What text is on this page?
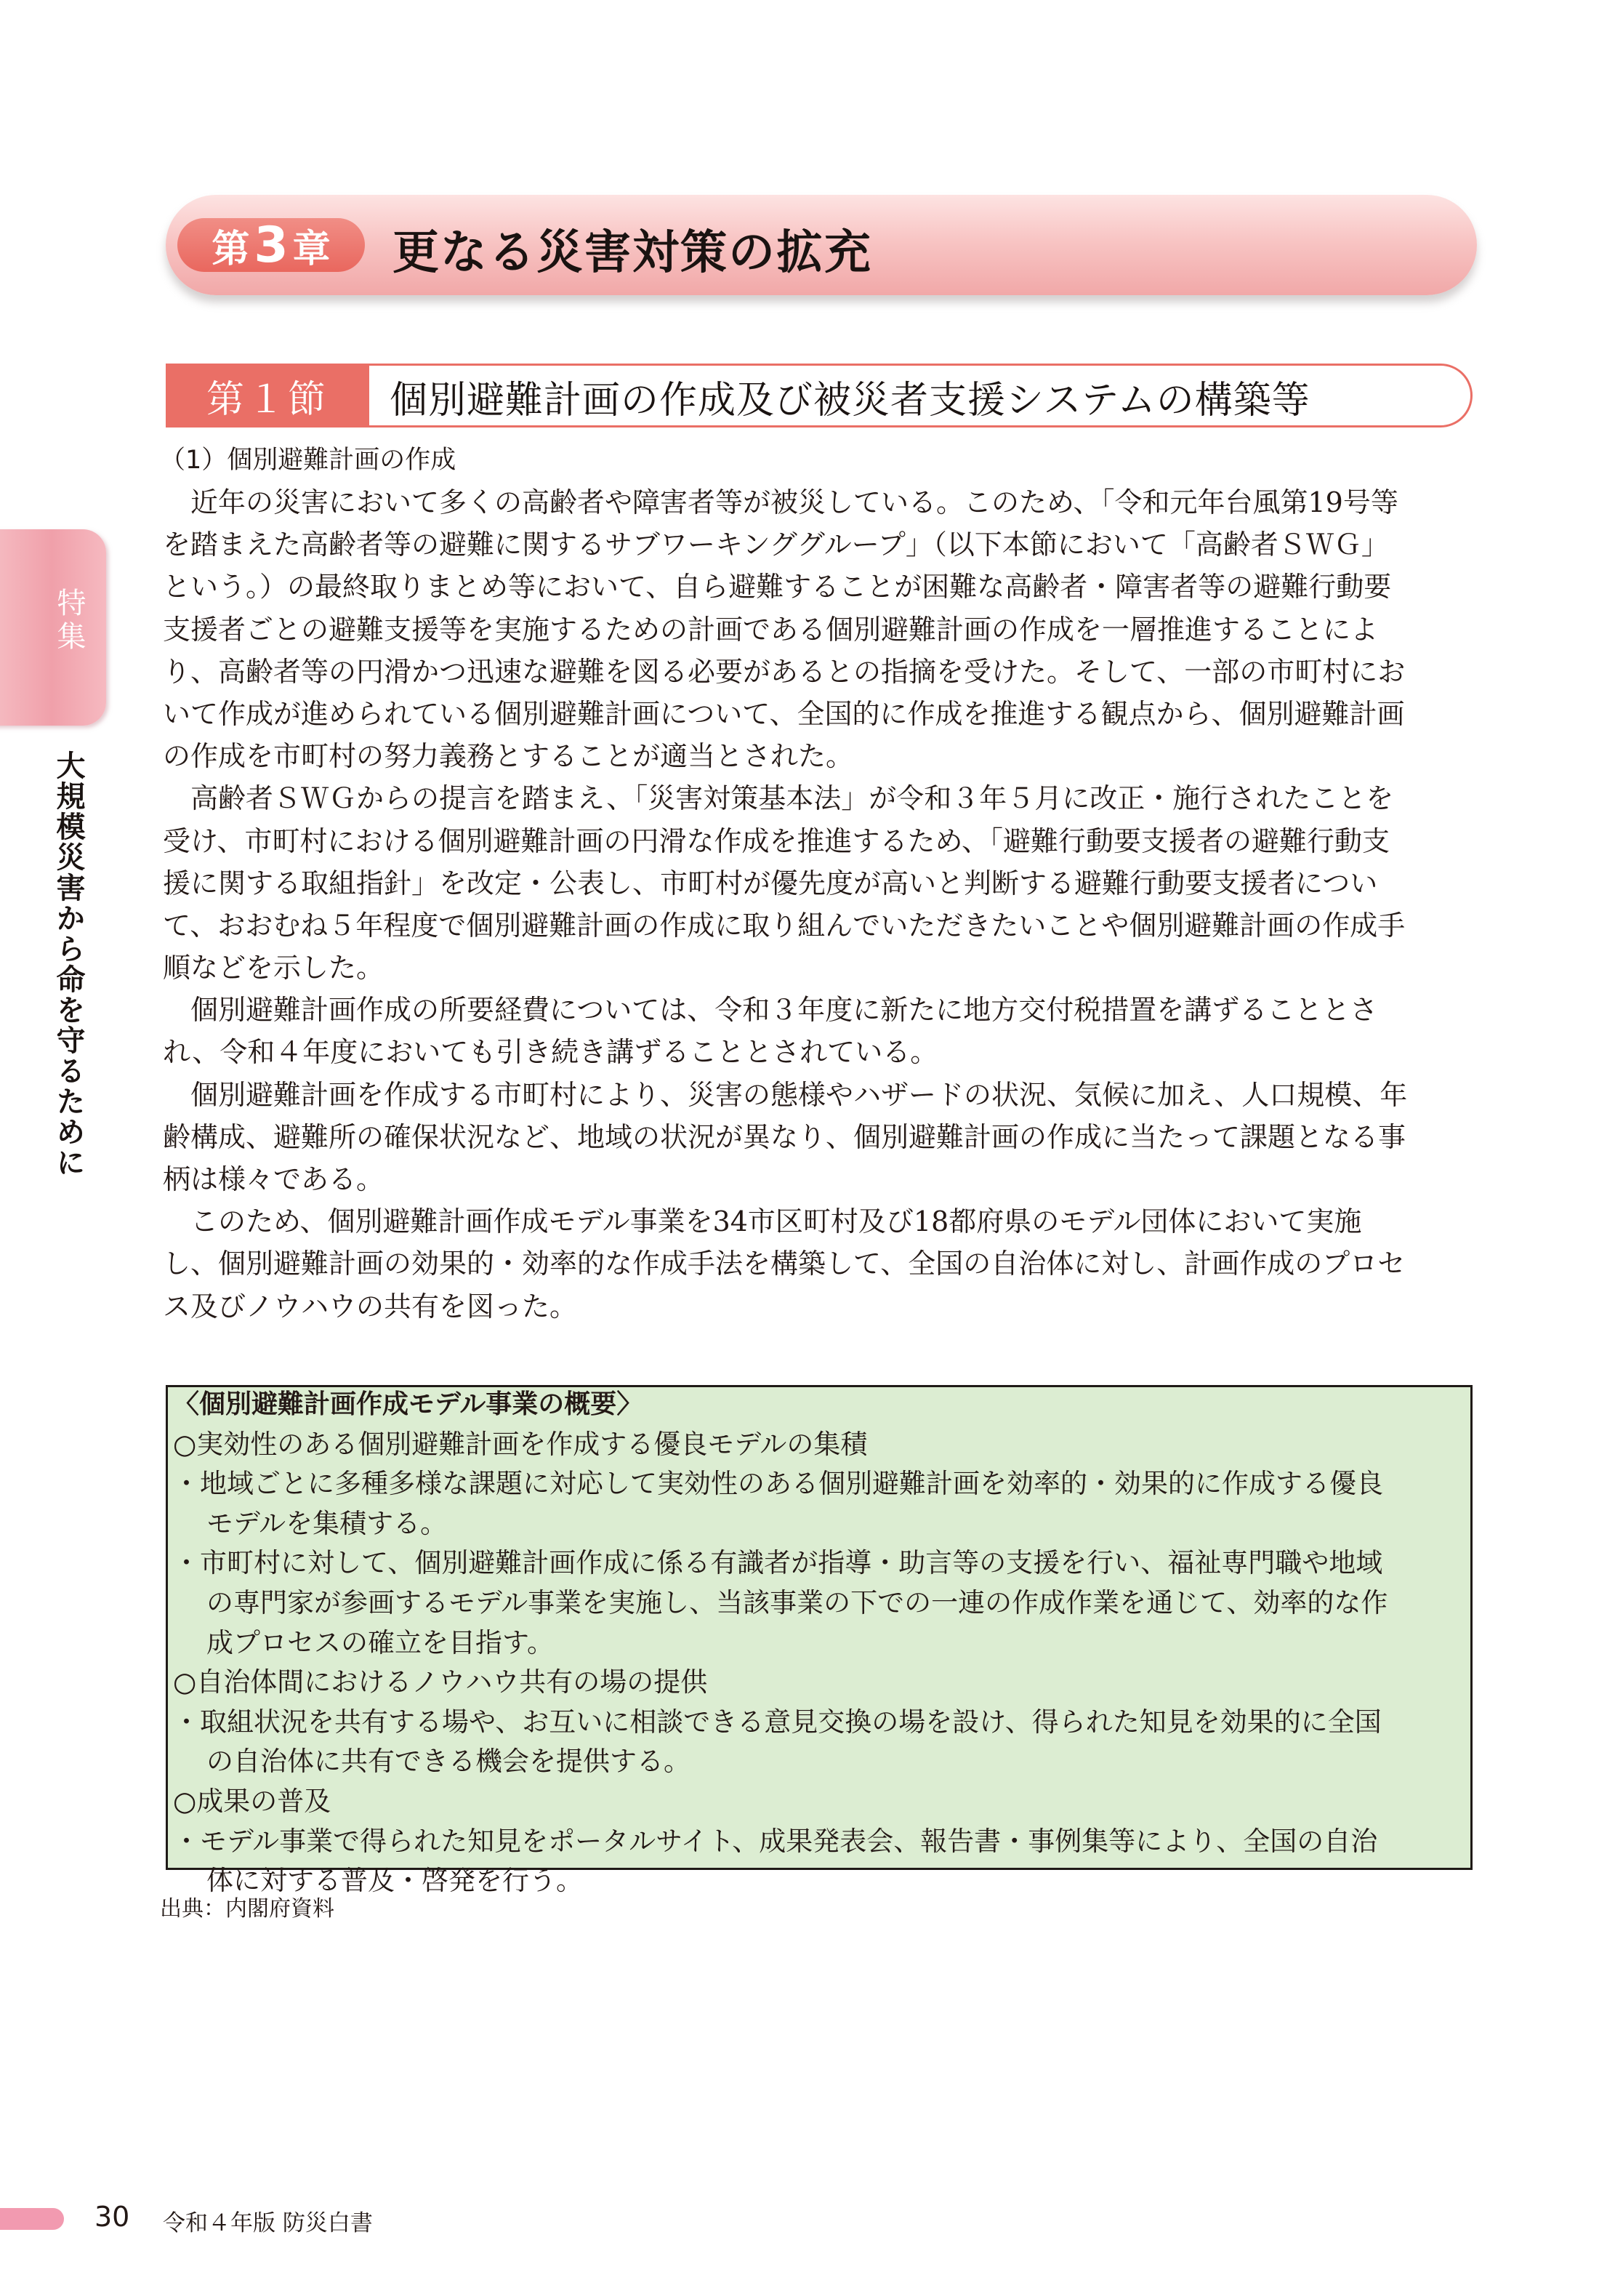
第 3 章 更なる災害対策の拡充
第１節	個別避難計画の作成及び被災者支援システムの構築等
（1）個別避難計画の作成
　近年の災害において多くの高齢者や障害者等が被災している。このため、「令和元年台風第19号等
を踏まえた高齢者等の避難に関するサブワーキンググループ」（以下本節において「高齢者ＳＷＧ」
という。）の最終取りまとめ等において、自ら避難することが困難な高齢者・障害者等の避難行動要
支援者ごとの避難支援等を実施するための計画である個別避難計画の作成を一層推進することによ
り、高齢者等の円滑かつ迅速な避難を図る必要があるとの指摘を受けた。そして、一部の市町村にお
いて作成が進められている個別避難計画について、全国的に作成を推進する観点から、個別避難計画
の作成を市町村の努力義務とすることが適当とされた。
　高齢者ＳＷＧからの提言を踏まえ、「災害対策基本法」が令和３年５月に改正・施行されたことを
受け、市町村における個別避難計画の円滑な作成を推進するため、「避難行動要支援者の避難行動支
援に関する取組指針」を改定・公表し、市町村が優先度が高いと判断する避難行動要支援者につい
て、おおむね５年程度で個別避難計画の作成に取り組んでいただきたいことや個別避難計画の作成手
順などを示した。
　個別避難計画作成の所要経費については、令和３年度に新たに地方交付税措置を講ずることとさ
れ、令和４年度においても引き続き講ずることとされている。
　個別避難計画を作成する市町村により、災害の態様やハザードの状況、気候に加え、人口規模、年
齢構成、避難所の確保状況など、地域の状況が異なり、個別避難計画の作成に当たって課題となる事
柄は様々である。
　このため、個別避難計画作成モデル事業を34市区町村及び18都府県のモデル団体において実施
し、個別避難計画の効果的・効率的な作成手法を構築して、全国の自治体に対し、計画作成のプロセ
ス及びノウハウの共有を図った。
〈個別避難計画作成モデル事業の概要〉
○実効性のある個別避難計画を作成する優良モデルの集積
・地域ごとに多種多様な課題に対応して実効性のある個別避難計画を効率的・効果的に作成する優良
モデルを集積する。
・市町村に対して、個別避難計画作成に係る有識者が指導・助言等の支援を行い、福祉専門職や地域
の専門家が参画するモデル事業を実施し、当該事業の下での一連の作成作業を通じて、効率的な作
成プロセスの確立を目指す。
○自治体間におけるノウハウ共有の場の提供
・取組状況を共有する場や、お互いに相談できる意見交換の場を設け、得られた知見を効果的に全国
の自治体に共有できる機会を提供する。
○成果の普及
・モデル事業で得られた知見をポータルサイト、成果発表会、報告書・事例集等により、全国の自治
体に対する普及・啓発を行う。
出典：内閣府資料
特集
大規模災害から命を守るために
30 令和４年版 防災白書
